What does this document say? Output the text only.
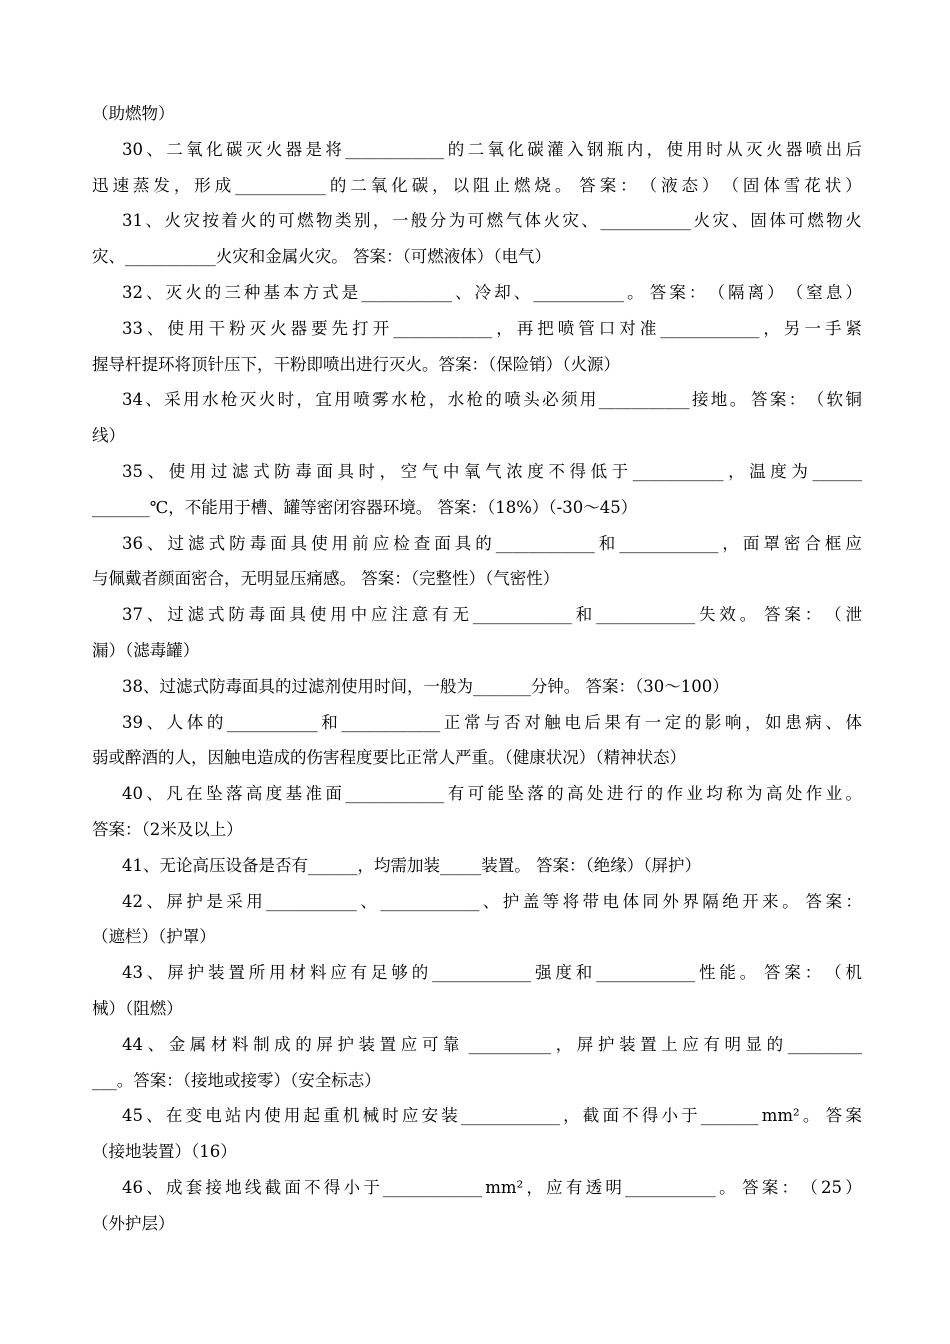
（助燃物）
30 、 二 氧 化 碳 灭 火 器 是 将 ____________ 的 二 氧 化 碳 灌 入 钢 瓶 内 ， 使 用 时 从 灭 火 器 喷 出 后
迅 速 蒸 发 ， 形 成 ___________ 的 二 氧 化 碳 ， 以 阻 止 燃 烧 。 答 案 ： （ 液 态 ） （ 固 体 雪 花 状 ）
31 、 火 灾 按 着 火 的 可 燃 物 类 别 ， 一 般 分 为 可 燃 气 体 火 灾 、 ___________ 火 灾 、 固 体 可 燃 物 火
灾、___________火灾和金属火灾。 答案：（可燃液体）（电气）
32 、 灭 火 的 三 种 基 本 方 式 是 ___________ 、 冷 却 、 ___________ 。 答 案 ： （ 隔 离 ） （ 窒 息 ）
33 、 使 用 干 粉 灭 火 器 要 先 打 开 ____________ ， 再 把 喷 管 口 对 准 ____________ ， 另 一 手 紧
握导杆提环将顶针压下，干粉即喷出进行灭火。答案：（保险销）（火源）
34 、 采 用 水 枪 灭 火 时 ， 宜 用 喷 雾 水 枪 ， 水 枪 的 喷 头 必 须 用 ___________ 接 地 。 答 案 ： （ 软 铜
线）
35 、 使 用 过 滤 式 防 毒 面 具 时 ， 空 气 中 氧 气 浓 度 不 得 低 于 ___________ ， 温 度 为 ______
_______℃，不能用于槽、罐等密闭容器环境。 答案：（18%）（-30～45）
36 、 过 滤 式 防 毒 面 具 使 用 前 应 检 查 面 具 的 ____________ 和 ____________ ， 面 罩 密 合 框 应
与佩戴者颜面密合，无明显压痛感。 答案：（完整性）（气密性）
37 、 过 滤 式 防 毒 面 具 使 用 中 应 注 意 有 无 ____________ 和 ____________ 失 效 。 答 案 ： （ 泄
漏）（滤毒罐）
38、过滤式防毒面具的过滤剂使用时间，一般为_______分钟。 答案：（30～100）
39 、 人 体 的 ___________ 和 ____________ 正 常 与 否 对 触 电 后 果 有 一 定 的 影 响 ， 如 患 病 、 体
弱或醉酒的人，因触电造成的伤害程度要比正常人严重。（健康状况）（精神状态）
40 、 凡 在 坠 落 高 度 基 准 面 ____________ 有 可 能 坠 落 的 高 处 进 行 的 作 业 均 称 为 高 处 作 业 。
答案：（2米及以上）
41、无论高压设备是否有______，均需加装_____装置。 答案：（绝缘）（屏护）
42 、 屏 护 是 采 用 ___________ 、 ____________ 、 护 盖 等 将 带 电 体 同 外 界 隔 绝 开 来 。 答 案 ：
（遮栏）（护罩）
43 、 屏 护 装 置 所 用 材 料 应 有 足 够 的 ____________ 强 度 和 ____________ 性 能 。 答 案 ： （ 机
械）（阻燃）
44 、 金 属 材 料 制 成 的 屏 护 装 置 应 可 靠 __________ ， 屏 护 装 置 上 应 有 明 显 的 _________
___。答案：（接地或接零）（安全标志）
45 、 在 变 电 站 内 使 用 起 重 机 械 时 应 安 装 ____________ ， 截 面 不 得 小 于 _______ mm² 。 答 案
（接地装置）（16）
46 、 成 套 接 地 线 截 面 不 得 小 于 ____________ mm² ， 应 有 透 明 ___________ 。 答 案 ： （ 25 ）
（外护层）
